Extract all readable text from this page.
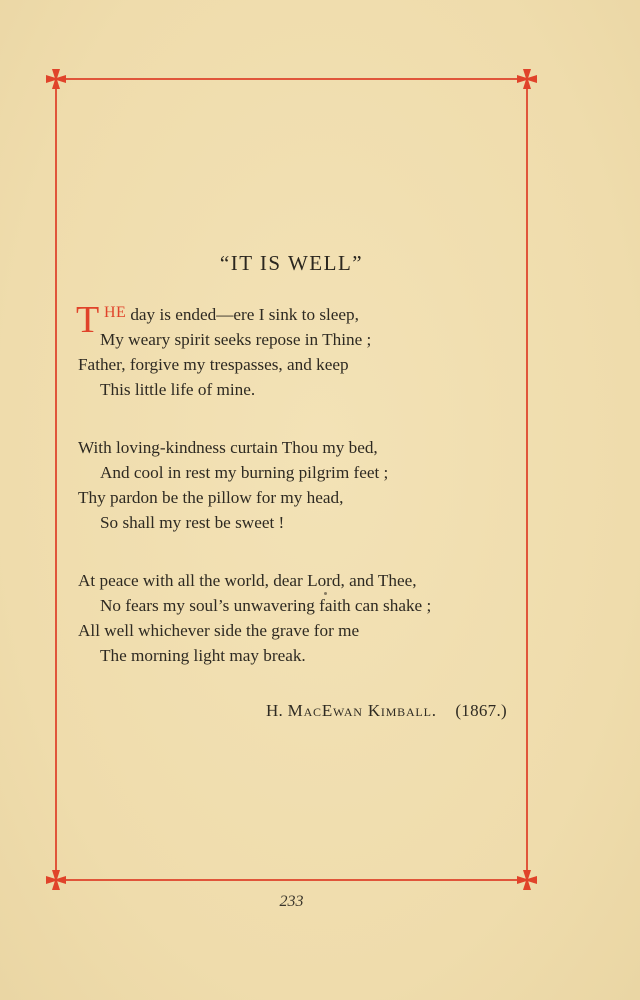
“IT IS WELL”
T HE day is ended—ere I sink to sleep,
My weary spirit seeks repose in Thine ;
Father, forgive my trespasses, and keep
This little life of mine.
With loving-kindness curtain Thou my bed,
And cool in rest my burning pilgrim feet ;
Thy pardon be the pillow for my head,
So shall my rest be sweet !
At peace with all the world, dear Lord, and Thee,
No fears my soul’s unwavering faith can shake ;
All well whichever side the grave for me
The morning light may break.
H. MacEwan Kimball. (1867.)
233
